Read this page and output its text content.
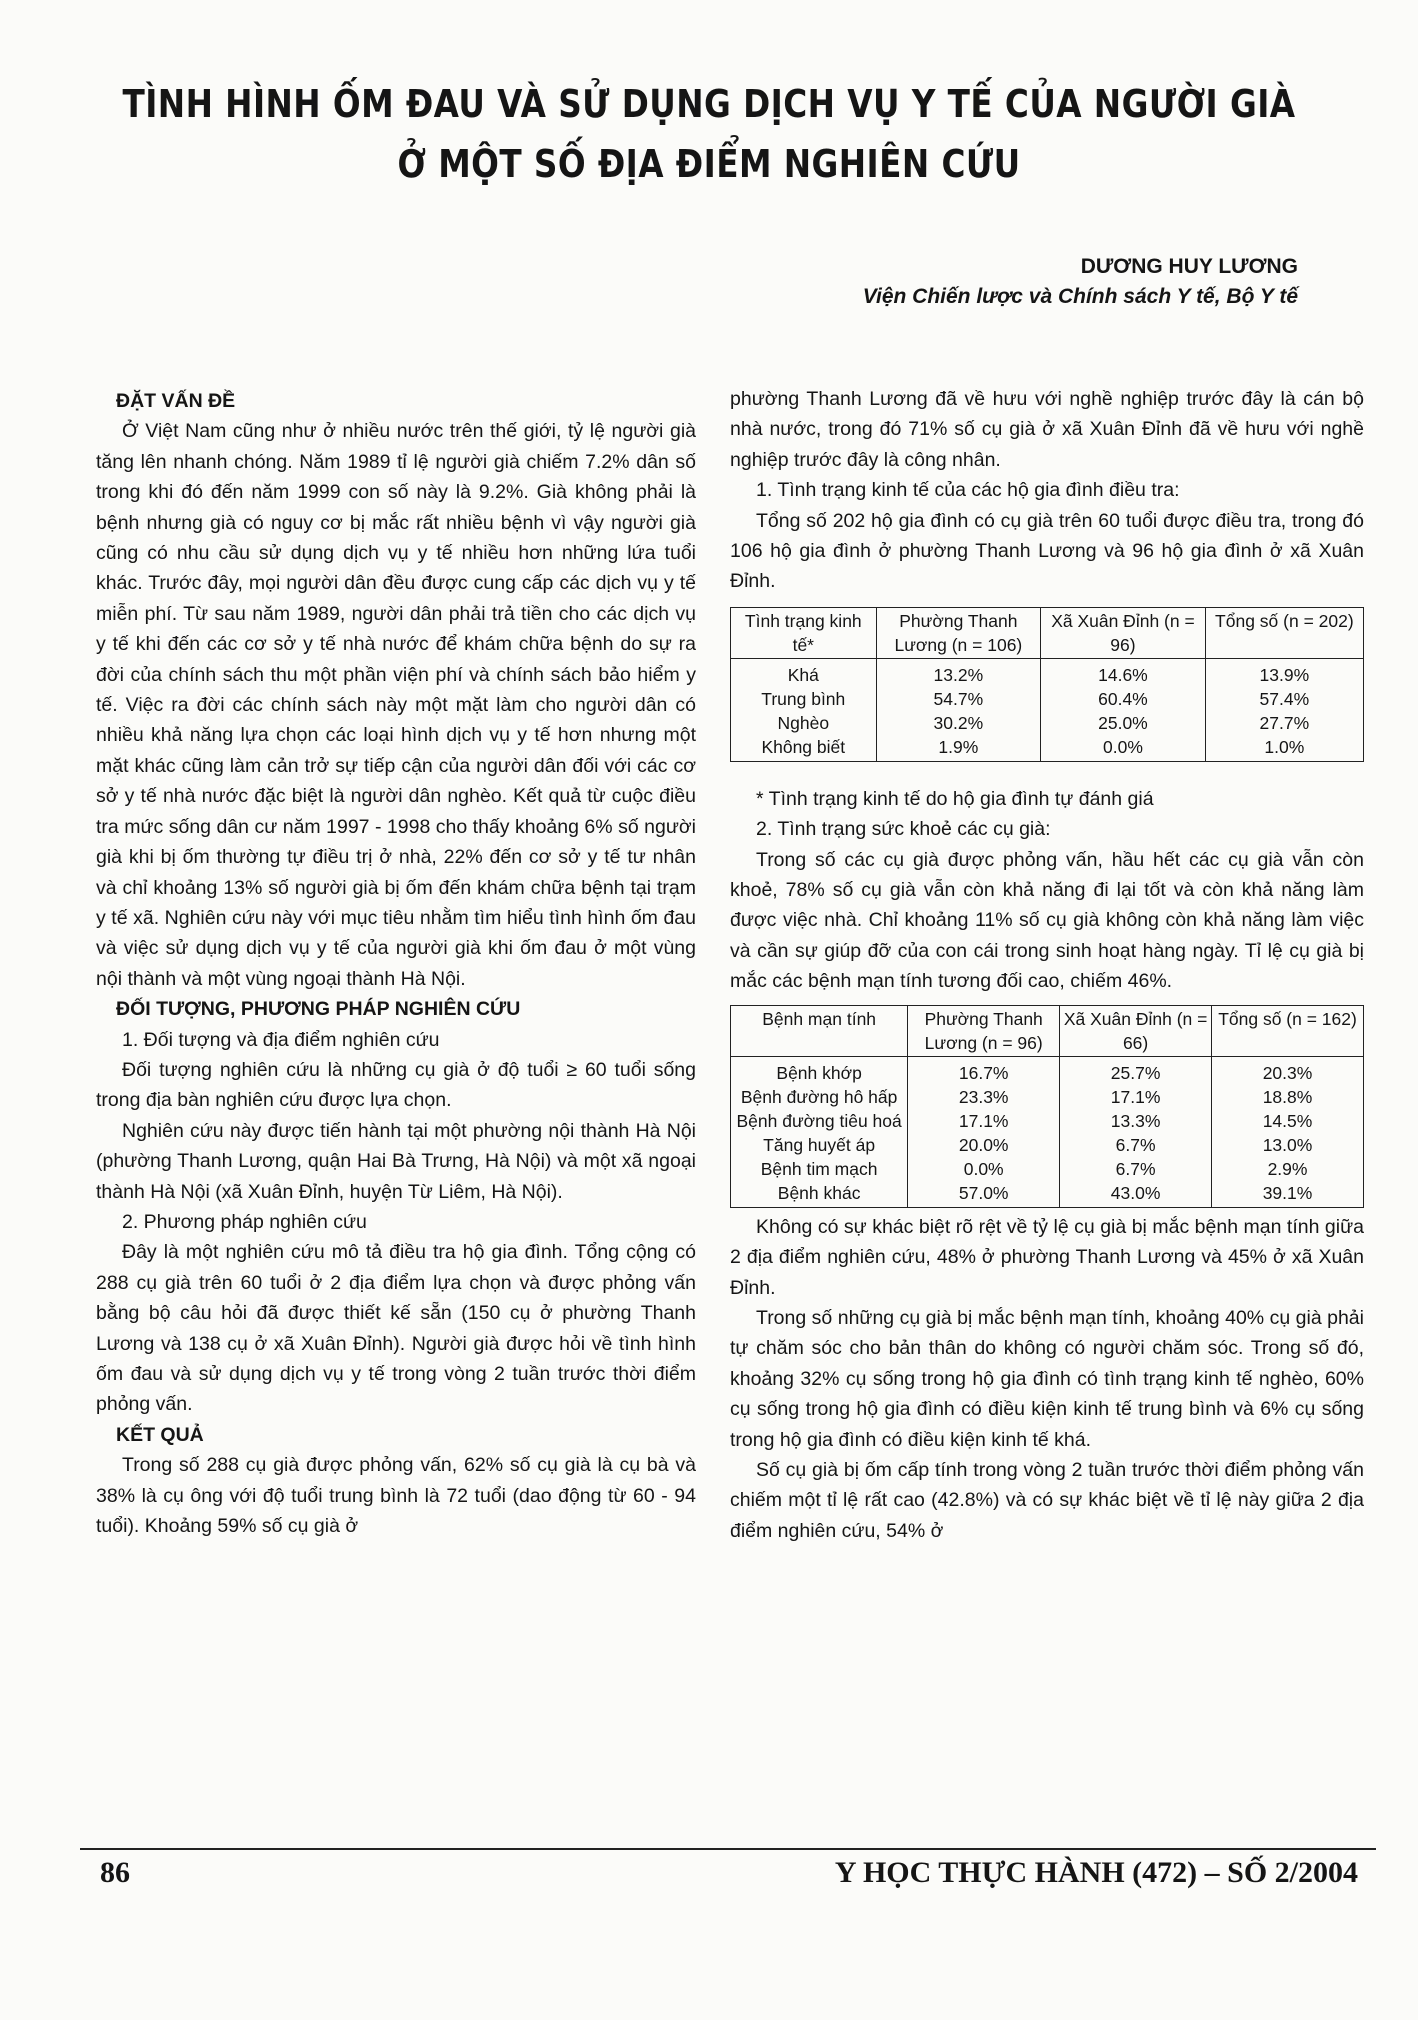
TÌNH HÌNH ỐM ĐAU VÀ SỬ DỤNG DỊCH VỤ Y TẾ CỦA NGƯỜI GIÀ
Ở MỘT SỐ ĐỊA ĐIỂM NGHIÊN CỨU
DƯƠNG HUY LƯƠNG
Viện Chiến lược và Chính sách Y tế, Bộ Y tế

ĐẶT VẤN ĐỀ

Ở Việt Nam cũng như ở nhiều nước trên thế giới, tỷ lệ người già tăng lên nhanh chóng. Năm 1989 tỉ lệ người già chiếm 7.2% dân số trong khi đó đến năm 1999 con số này là 9.2%. Già không phải là bệnh nhưng già có nguy cơ bị mắc rất nhiều bệnh vì vậy người già cũng có nhu cầu sử dụng dịch vụ y tế nhiều hơn những lứa tuổi khác. Trước đây, mọi người dân đều được cung cấp các dịch vụ y tế miễn phí. Từ sau năm 1989, người dân phải trả tiền cho các dịch vụ y tế khi đến các cơ sở y tế nhà nước để khám chữa bệnh do sự ra đời của chính sách thu một phần viện phí và chính sách bảo hiểm y tế. Việc ra đời các chính sách này một mặt làm cho người dân có nhiều khả năng lựa chọn các loại hình dịch vụ y tế hơn nhưng một mặt khác cũng làm cản trở sự tiếp cận của người dân đối với các cơ sở y tế nhà nước đặc biệt là người dân nghèo. Kết quả từ cuộc điều tra mức sống dân cư năm 1997 - 1998 cho thấy khoảng 6% số người già khi bị ốm thường tự điều trị ở nhà, 22% đến cơ sở y tế tư nhân và chỉ khoảng 13% số người già bị ốm đến khám chữa bệnh tại trạm y tế xã. Nghiên cứu này với mục tiêu nhằm tìm hiểu tình hình ốm đau và việc sử dụng dịch vụ y tế của người già khi ốm đau ở một vùng nội thành và một vùng ngoại thành Hà Nội.

ĐỐI TƯỢNG, PHƯƠNG PHÁP NGHIÊN CỨU

1. Đối tượng và địa điểm nghiên cứu

Đối tượng nghiên cứu là những cụ già ở độ tuổi ≥ 60 tuổi sống trong địa bàn nghiên cứu được lựa chọn.

Nghiên cứu này được tiến hành tại một phường nội thành Hà Nội (phường Thanh Lương, quận Hai Bà Trưng, Hà Nội) và một xã ngoại thành Hà Nội (xã Xuân Đỉnh, huyện Từ Liêm, Hà Nội).

2. Phương pháp nghiên cứu

Đây là một nghiên cứu mô tả điều tra hộ gia đình. Tổng cộng có 288 cụ già trên 60 tuổi ở 2 địa điểm lựa chọn và được phỏng vấn bằng bộ câu hỏi đã được thiết kế sẵn (150 cụ ở phường Thanh Lương và 138 cụ ở xã Xuân Đỉnh). Người già được hỏi về tình hình ốm đau và sử dụng dịch vụ y tế trong vòng 2 tuần trước thời điểm phỏng vấn.

KẾT QUẢ

Trong số 288 cụ già được phỏng vấn, 62% số cụ già là cụ bà và 38% là cụ ông với độ tuổi trung bình là 72 tuổi (dao động từ 60 - 94 tuổi). Khoảng 59% số cụ già ở

phường Thanh Lương đã về hưu với nghề nghiệp trước đây là cán bộ nhà nước, trong đó 71% số cụ già ở xã Xuân Đỉnh đã về hưu với nghề nghiệp trước đây là công nhân.

1. Tình trạng kinh tế của các hộ gia đình điều tra:

Tổng số 202 hộ gia đình có cụ già trên 60 tuổi được điều tra, trong đó 106 hộ gia đình ở phường Thanh Lương và 96 hộ gia đình ở xã Xuân Đỉnh.

Tình trạng kinh tế*	Phường Thanh Lương (n = 106)	Xã Xuân Đỉnh (n = 96)	Tổng số (n = 202)
Khá	13.2%	14.6%	13.9%
Trung bình	54.7%	60.4%	57.4%
Nghèo	30.2%	25.0%	27.7%
Không biết	1.9%	0.0%	1.0%

* Tình trạng kinh tế do hộ gia đình tự đánh giá

2. Tình trạng sức khoẻ các cụ già:

Trong số các cụ già được phỏng vấn, hầu hết các cụ già vẫn còn khoẻ, 78% số cụ già vẫn còn khả năng đi lại tốt và còn khả năng làm được việc nhà. Chỉ khoảng 11% số cụ già không còn khả năng làm việc và cần sự giúp đỡ của con cái trong sinh hoạt hàng ngày. Tỉ lệ cụ già bị mắc các bệnh mạn tính tương đối cao, chiếm 46%.

Bệnh mạn tính	Phường Thanh Lương (n = 96)	Xã Xuân Đỉnh (n = 66)	Tổng số (n = 162)
Bệnh khớp	16.7%	25.7%	20.3%
Bệnh đường hô hấp	23.3%	17.1%	18.8%
Bệnh đường tiêu hoá	17.1%	13.3%	14.5%
Tăng huyết áp	20.0%	6.7%	13.0%
Bệnh tim mạch	0.0%	6.7%	2.9%
Bệnh khác	57.0%	43.0%	39.1%

Không có sự khác biệt rõ rệt về tỷ lệ cụ già bị mắc bệnh mạn tính giữa 2 địa điểm nghiên cứu, 48% ở phường Thanh Lương và 45% ở xã Xuân Đỉnh.

Trong số những cụ già bị mắc bệnh mạn tính, khoảng 40% cụ già phải tự chăm sóc cho bản thân do không có người chăm sóc. Trong số đó, khoảng 32% cụ sống trong hộ gia đình có tình trạng kinh tế nghèo, 60% cụ sống trong hộ gia đình có điều kiện kinh tế trung bình và 6% cụ sống trong hộ gia đình có điều kiện kinh tế khá.

Số cụ già bị ốm cấp tính trong vòng 2 tuần trước thời điểm phỏng vấn chiếm một tỉ lệ rất cao (42.8%) và có sự khác biệt về tỉ lệ này giữa 2 địa điểm nghiên cứu, 54% ở

86	Y HỌC THỰC HÀNH (472) – SỐ 2/2004
